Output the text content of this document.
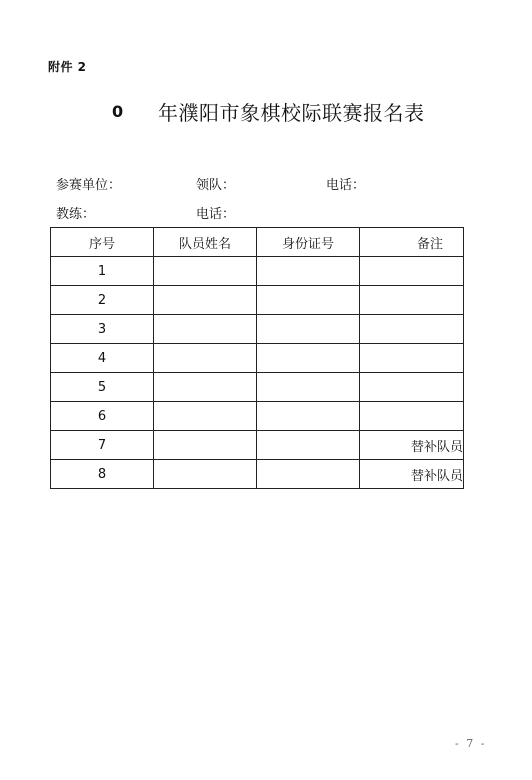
附件 2
0	年濮阳市象棋校际联赛报名表
参赛单位：	领队：	电话：
教练：	电话：
序号	队员姓名	身份证号	备注
1			
2			
3			
4			
5			
6			
7			替补队员
8			替补队员
- 7 -
